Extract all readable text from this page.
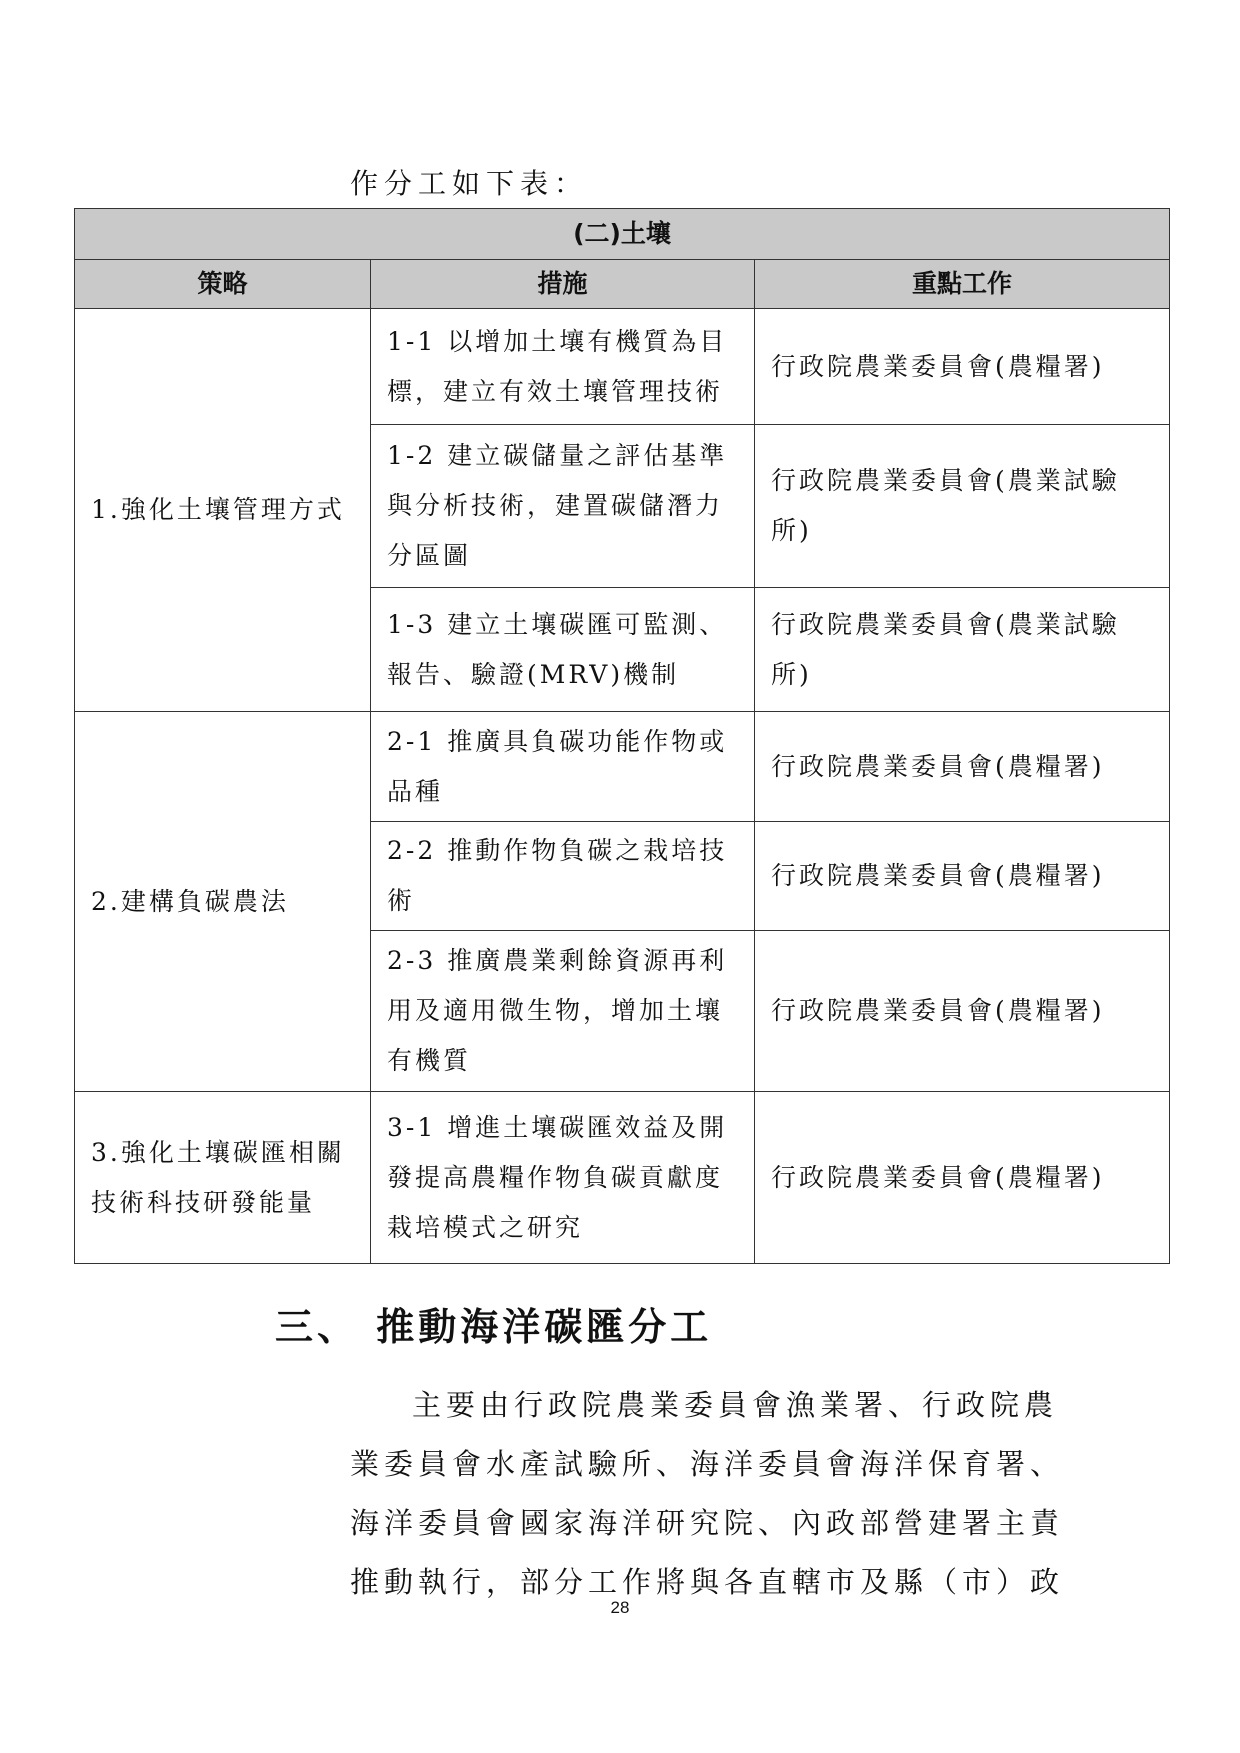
作分工如下表：
(二)土壤		
策略	措施	重點工作
1.強化土壤管理方式	1-1 以增加土壤有機質為目標，建立有效土壤管理技術	行政院農業委員會(農糧署)
	1-2 建立碳儲量之評估基準與分析技術，建置碳儲潛力分區圖	行政院農業委員會(農業試驗所)
	1-3 建立土壤碳匯可監測、報告、驗證(MRV)機制	行政院農業委員會(農業試驗所)
2.建構負碳農法	2-1 推廣具負碳功能作物或品種	行政院農業委員會(農糧署)
	2-2 推動作物負碳之栽培技術	行政院農業委員會(農糧署)
	2-3 推廣農業剩餘資源再利用及適用微生物，增加土壤有機質	行政院農業委員會(農糧署)
3.強化土壤碳匯相關技術科技研發能量	3-1 增進土壤碳匯效益及開發提高農糧作物負碳貢獻度栽培模式之研究	行政院農業委員會(農糧署)
三、 推動海洋碳匯分工
主要由行政院農業委員會漁業署、行政院農
業委員會水產試驗所、海洋委員會海洋保育署、
海洋委員會國家海洋研究院、內政部營建署主責
推動執行，部分工作將與各直轄市及縣（市）政
28
